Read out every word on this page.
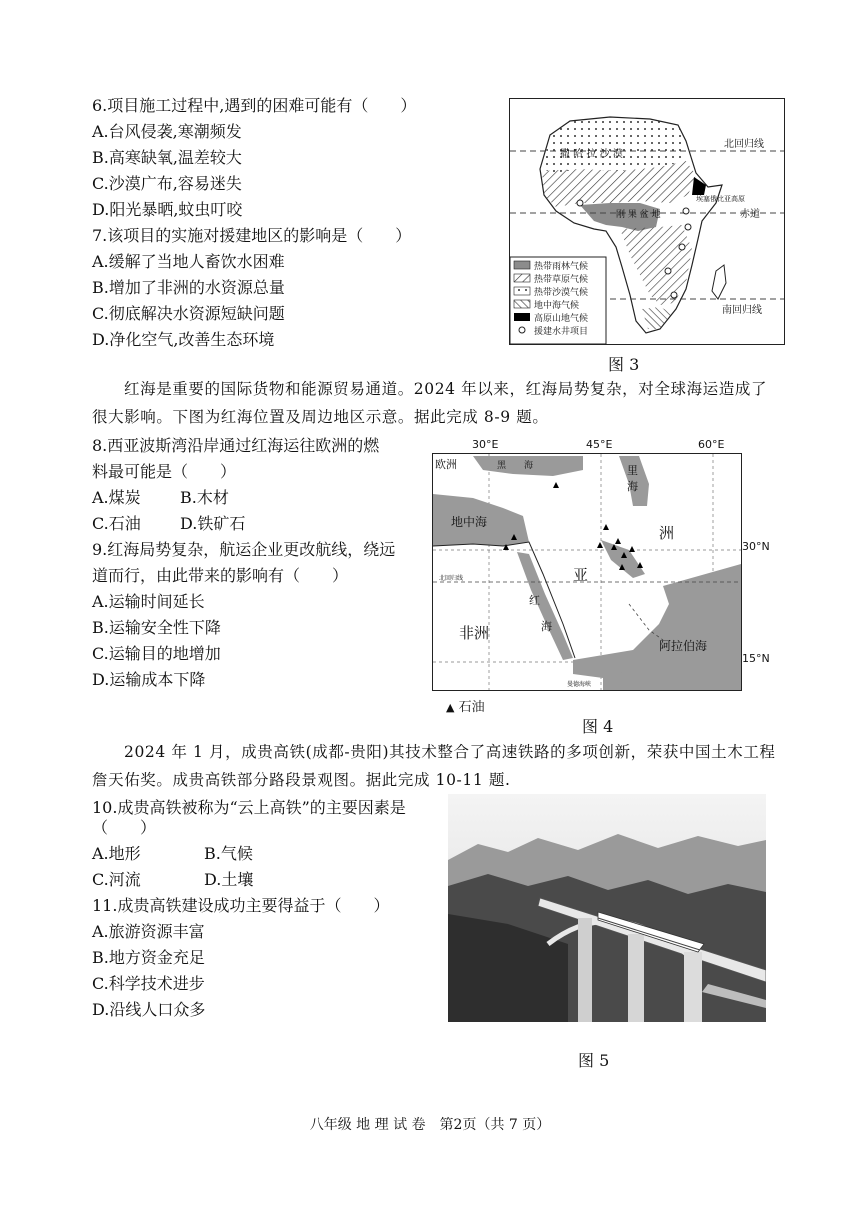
6.项目施工过程中,遇到的困难可能有（　　）
A.台风侵袭,寒潮频发
B.高寒缺氧,温差较大
C.沙漠广布,容易迷失
D.阳光暴晒,蚊虫叮咬
7.该项目的实施对援建地区的影响是（　　）
A.缓解了当地人畜饮水困难
B.增加了非洲的水资源总量
C.彻底解决水资源短缺问题
D.净化空气,改善生态环境
撒 哈 拉 沙 漠
北回归线
赤道
南回归线
刚 果 盆 地
埃塞俄比亚高原
热带雨林气候
热带草原气候
热带沙漠气候
地中海气候
高原山地气候
援建水井项目
图 3
红海是重要的国际货物和能源贸易通道。2024 年以来，红海局势复杂，对全球海运造成了很大影响。下图为红海位置及周边地区示意。据此完成 8-9 题。
8.西亚波斯湾沿岸通过红海运往欧洲的燃
料最可能是（　　）
A.煤炭 B.木材
C.石油 D.铁矿石
9.红海局势复杂，航运企业更改航线，绕远
道而行，由此带来的影响有（　　）
A.运输时间延长
B.运输安全性下降
C.运输目的地增加
D.运输成本下降
30°E	45°E	60°E
欧洲	黑　　海	里
海
地中海
亚
洲
非洲
红
海
阿拉伯海
北回归线
曼德海峡
30°N
15°N
▲ 石油
图 4
2024 年 1 月，成贵高铁(成都-贵阳)其技术整合了高速铁路的多项创新，荣获中国土木工程詹天佑奖。成贵高铁部分路段景观图。据此完成 10-11 题.
10.成贵高铁被称为“云上高铁”的主要因素是
（　　）
A.地形	B.气候
C.河流	D.土壤
11.成贵高铁建设成功主要得益于（　　）
A.旅游资源丰富
B.地方资金充足
C.科学技术进步
D.沿线人口众多
图 5
八年级 地 理 试 卷　第2页（共 7 页）
